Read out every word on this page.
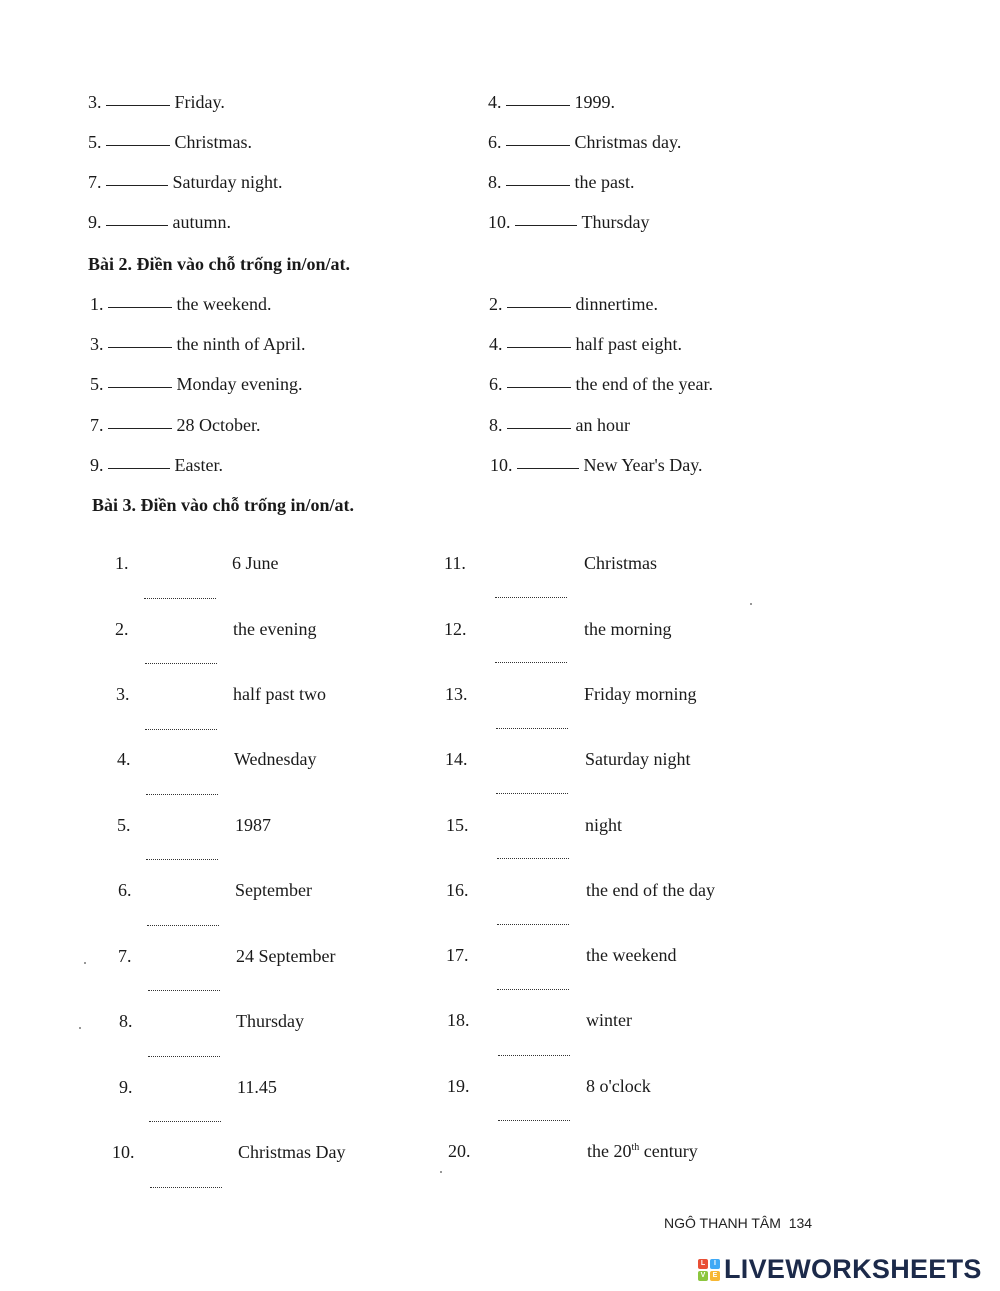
3.	Friday.	4.	1999.
5.	Christmas.	6.	Christmas day.
7.	Saturday night.	8.	the past.
9.	autumn.	10.	Thursday
Bài 2. Điền vào chỗ trống in/on/at.
1.	the weekend.	2.	dinnertime.
3.	the ninth of April.	4.	half past eight.
5.	Monday evening.	6.	the end of the year.
7.	28 October.	8.	an hour
9.	Easter.	10.	New Year's Day.
Bài 3. Điền vào chỗ trống in/on/at.
1.	6 June
2.	the evening
3.	half past two
4.	Wednesday
5.	1987
6.	September
7.	24 September
8.	Thursday
9.	11.45
10.	Christmas Day
11.	Christmas
12.	the morning
13.	Friday morning
14.	Saturday night
15.	night
16.	the end of the day
17.	the weekend
18.	winter
19.	8 o'clock
20.	the 20th century
NGÔ THANH TÂM 134
L	I
V	E LIVEWORKSHEETS
